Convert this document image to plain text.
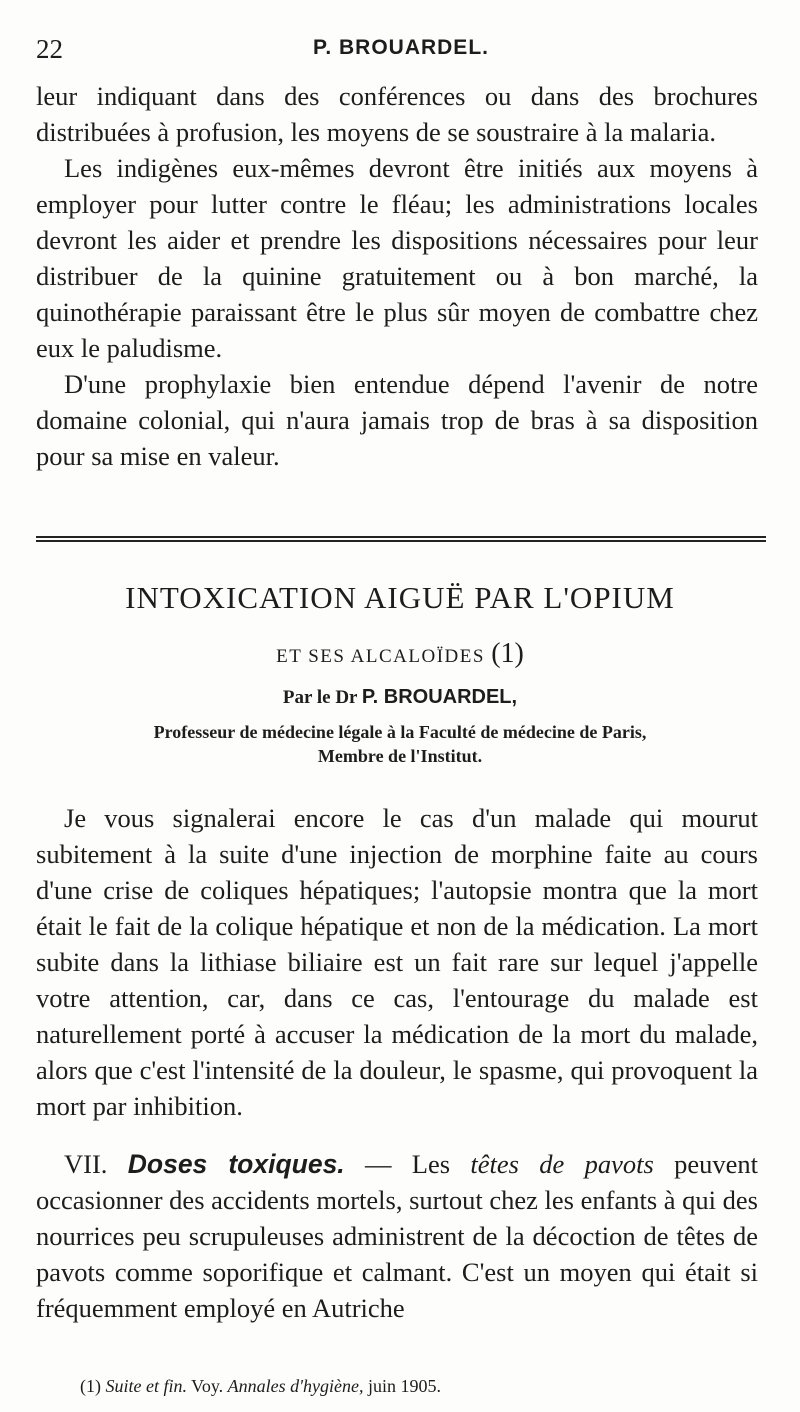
22	P. BROUARDEL.

leur indiquant dans des conférences ou dans des brochures distribuées à profusion, les moyens de se soustraire à la malaria.

Les indigènes eux-mêmes devront être initiés aux moyens à employer pour lutter contre le fléau; les administrations locales devront les aider et prendre les dispositions nécessaires pour leur distribuer de la quinine gratuitement ou à bon marché, la quinothérapie paraissant être le plus sûr moyen de combattre chez eux le paludisme.

D'une prophylaxie bien entendue dépend l'avenir de notre domaine colonial, qui n'aura jamais trop de bras à sa disposition pour sa mise en valeur.

INTOXICATION AIGUË PAR L'OPIUM
ET SES ALCALOÏDES (1)
Par le Dr P. BROUARDEL,
Professeur de médecine légale à la Faculté de médecine de Paris,
Membre de l'Institut.

Je vous signalerai encore le cas d'un malade qui mourut subitement à la suite d'une injection de morphine faite au cours d'une crise de coliques hépatiques; l'autopsie montra que la mort était le fait de la colique hépatique et non de la médication. La mort subite dans la lithiase biliaire est un fait rare sur lequel j'appelle votre attention, car, dans ce cas, l'entourage du malade est naturellement porté à accuser la médication de la mort du malade, alors que c'est l'intensité de la douleur, le spasme, qui provoquent la mort par inhibition.

VII. Doses toxiques. — Les têtes de pavots peuvent occasionner des accidents mortels, surtout chez les enfants à qui des nourrices peu scrupuleuses administrent de la décoction de têtes de pavots comme soporifique et calmant. C'est un moyen qui était si fréquemment employé en Autriche

(1) Suite et fin. Voy. Annales d'hygiène, juin 1905.
